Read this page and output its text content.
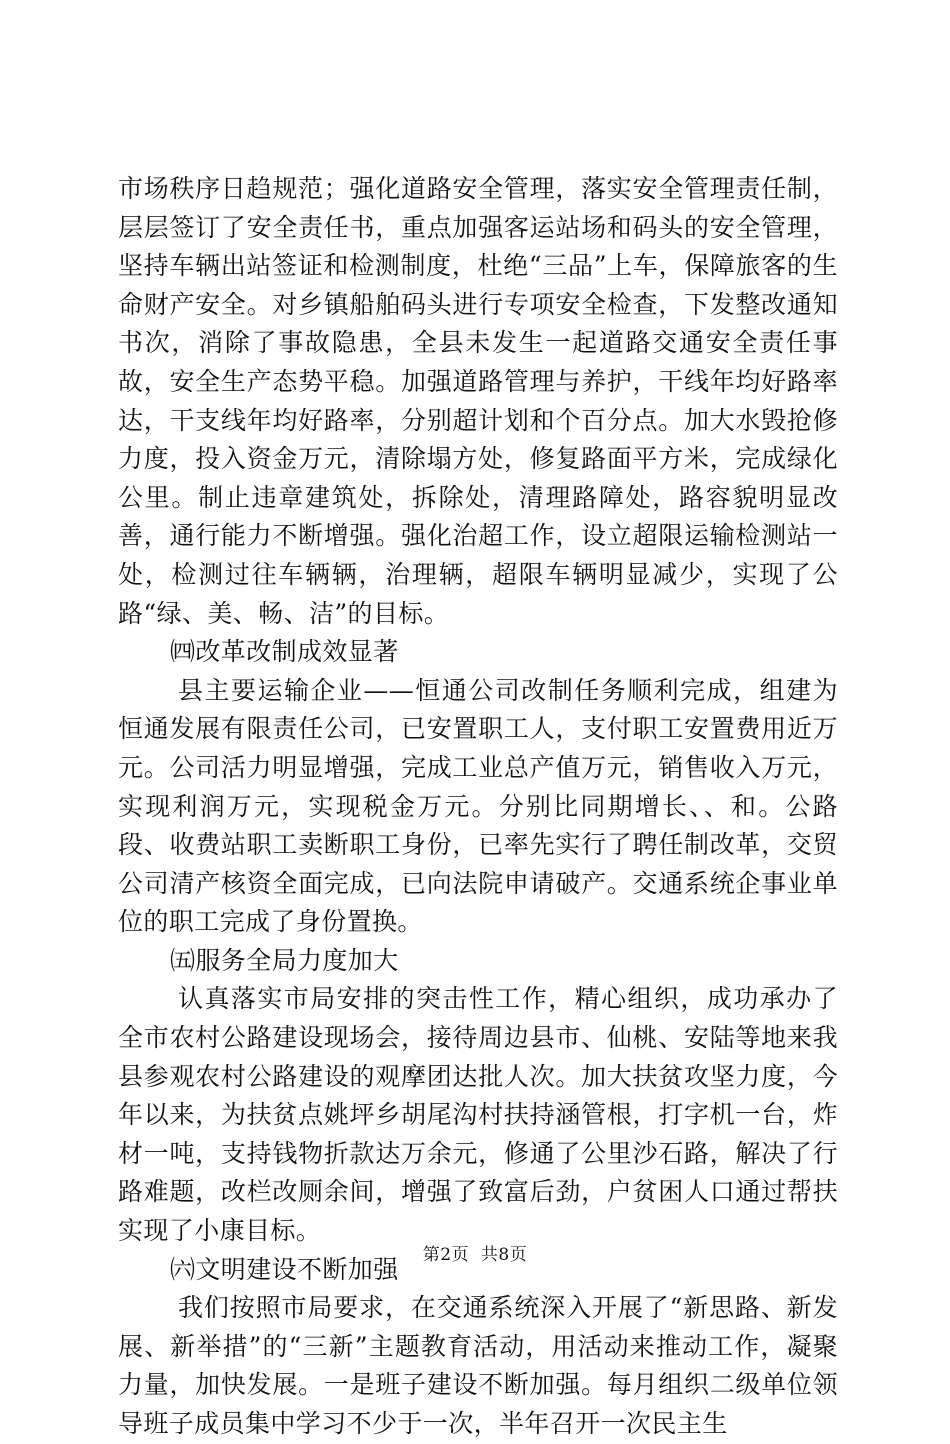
市场秩序日趋规范；强化道路安全管理，落实安全管理责任制，层层签订了安全责任书，重点加强客运站场和码头的安全管理，坚持车辆出站签证和检测制度，杜绝“三品”上车，保障旅客的生命财产安全。对乡镇船舶码头进行专项安全检查，下发整改通知书次，消除了事故隐患，全县未发生一起道路交通安全责任事故，安全生产态势平稳。加强道路管理与养护，干线年均好路率达，干支线年均好路率，分别超计划和个百分点。加大水毁抢修力度，投入资金万元，清除塌方处，修复路面平方米，完成绿化公里。制止违章建筑处，拆除处，清理路障处，路容貌明显改善，通行能力不断增强。强化治超工作，设立超限运输检测站一处，检测过往车辆辆，治理辆，超限车辆明显减少，实现了公路“绿、美、畅、洁”的目标。

㈣改革改制成效显著

县主要运输企业——恒通公司改制任务顺利完成，组建为恒通发展有限责任公司，已安置职工人，支付职工安置费用近万元。公司活力明显增强，完成工业总产值万元，销售收入万元，实现利润万元，实现税金万元。分别比同期增长、、和。公路段、收费站职工卖断职工身份，已率先实行了聘任制改革，交贸公司清产核资全面完成，已向法院申请破产。交通系统企事业单位的职工完成了身份置换。

㈤服务全局力度加大

认真落实市局安排的突击性工作，精心组织，成功承办了全市农村公路建设现场会，接待周边县市、仙桃、安陆等地来我县参观农村公路建设的观摩团达批人次。加大扶贫攻坚力度，今年以来，为扶贫点姚坪乡胡尾沟村扶持涵管根，打字机一台，炸材一吨，支持钱物折款达万余元，修通了公里沙石路，解决了行路难题，改栏改厕余间，增强了致富后劲，户贫困人口通过帮扶实现了小康目标。

㈥文明建设不断加强

我们按照市局要求，在交通系统深入开展了“新思路、新发展、新举措”的“三新”主题教育活动，用活动来推动工作，凝聚力量，加快发展。一是班子建设不断加强。每月组织二级单位领导班子成员集中学习不少于一次，半年召开一次民主生

第2页  共8页
